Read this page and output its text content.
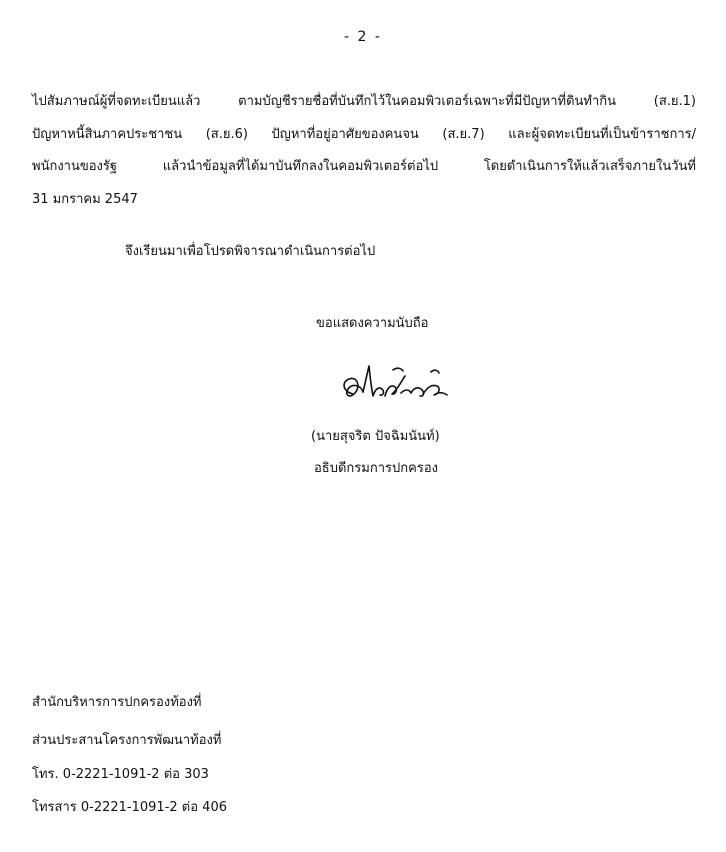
- 2 -

ไปสัมภาษณ์ผู้ที่จดทะเบียนแล้ว ตามบัญชีรายชื่อที่บันทึกไว้ในคอมพิวเตอร์เฉพาะที่มีปัญหาที่ดินทำกิน (ส.ย.1)

ปัญหาหนี้สินภาคประชาชน (ส.ย.6) ปัญหาที่อยู่อาศัยของคนจน (ส.ย.7) และผู้จดทะเบียนที่เป็นข้าราชการ/

พนักงานของรัฐ แล้วนำข้อมูลที่ได้มาบันทึกลงในคอมพิวเตอร์ต่อไป โดยดำเนินการให้แล้วเสร็จภายในวันที่

31 มกราคม 2547

จึงเรียนมาเพื่อโปรดพิจารณาดำเนินการต่อไป

ขอแสดงความนับถือ

(นายสุจริต ปัจฉิมนันท์)

อธิบดีกรมการปกครอง

สำนักบริหารการปกครองท้องที่

ส่วนประสานโครงการพัฒนาท้องที่

โทร. 0-2221-1091-2 ต่อ 303

โทรสาร 0-2221-1091-2 ต่อ 406
